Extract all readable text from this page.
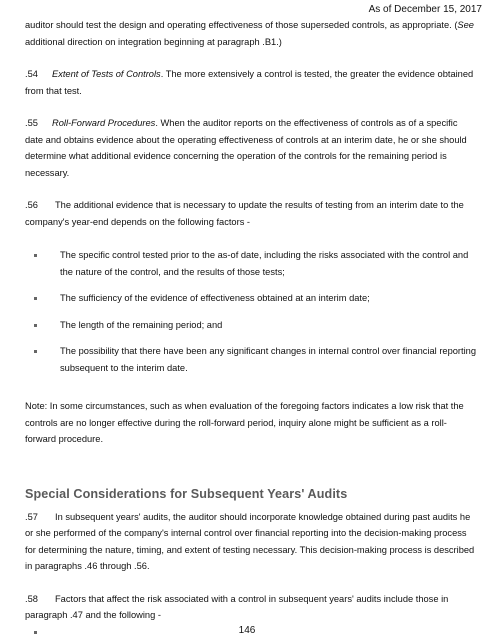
As of December 15, 2017

auditor should test the design and operating effectiveness of those superseded controls, as appropriate. (See additional direction on integration beginning at paragraph .B1.)

.54 Extent of Tests of Controls. The more extensively a control is tested, the greater the evidence obtained from that test.

.55 Roll-Forward Procedures. When the auditor reports on the effectiveness of controls as of a specific date and obtains evidence about the operating effectiveness of controls at an interim date, he or she should determine what additional evidence concerning the operation of the controls for the remaining period is necessary.

.56 The additional evidence that is necessary to update the results of testing from an interim date to the company's year-end depends on the following factors -

The specific control tested prior to the as-of date, including the risks associated with the control and the nature of the control, and the results of those tests;
The sufficiency of the evidence of effectiveness obtained at an interim date;
The length of the remaining period; and
The possibility that there have been any significant changes in internal control over financial reporting subsequent to the interim date.

Note: In some circumstances, such as when evaluation of the foregoing factors indicates a low risk that the controls are no longer effective during the roll-forward period, inquiry alone might be sufficient as a roll-forward procedure.

Special Considerations for Subsequent Years' Audits

.57 In subsequent years' audits, the auditor should incorporate knowledge obtained during past audits he or she performed of the company's internal control over financial reporting into the decision-making process for determining the nature, timing, and extent of testing necessary. This decision-making process is described in paragraphs .46 through .56.

.58 Factors that affect the risk associated with a control in subsequent years' audits include those in paragraph .47 and the following -

146
